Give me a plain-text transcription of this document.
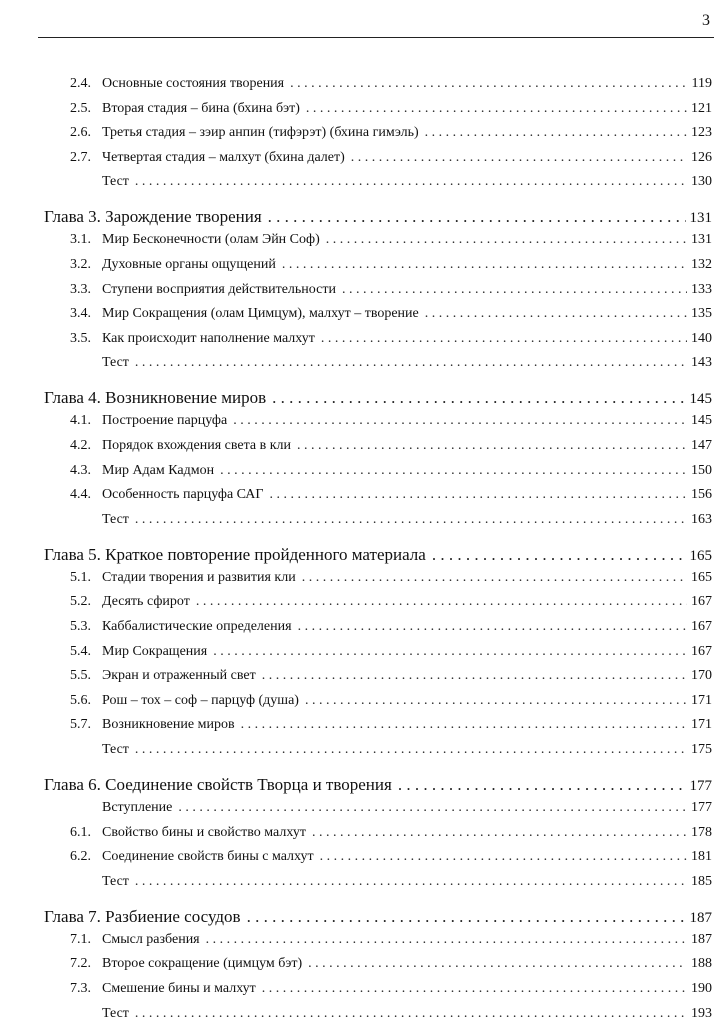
3
2.4. Основные состояния творения . . .	119
2.5. Вторая стадия – бина (бхина бэт) . . .	121
2.6. Третья стадия – зэир анпин (тифэрэт) (бхина гимэль) . . .	123
2.7. Четвертая стадия – малхут (бхина далет) . . .	126
Тест . . .	130
Глава 3. Зарождение творения . . .	131
3.1. Мир Бесконечности (олам Эйн Соф) . . .	131
3.2. Духовные органы ощущений . . .	132
3.3. Ступени восприятия действительности . . .	133
3.4. Мир Сокращения (олам Цимцум), малхут – творение . . .	135
3.5. Как происходит наполнение малхут . . .	140
Тест . . .	143
Глава 4. Возникновение миров . . .	145
4.1. Построение парцуфа . . .	145
4.2. Порядок вхождения света в кли . . .	147
4.3. Мир Адам Кадмон . . .	150
4.4. Особенность парцуфа САГ . . .	156
Тест . . .	163
Глава 5. Краткое повторение пройденного материала . . .	165
5.1. Стадии творения и развития кли . . .	165
5.2. Десять сфирот . . .	167
5.3. Каббалистические определения . . .	167
5.4. Мир Сокращения . . .	167
5.5. Экран и отраженный свет . . .	170
5.6. Рош – тох – соф – парцуф (душа) . . .	171
5.7. Возникновение миров . . .	171
Тест . . .	175
Глава 6. Соединение свойств Творца и творения . . .	177
Вступление . . .	177
6.1. Свойство бины и свойство малхут . . .	178
6.2. Соединение свойств бины с малхут . . .	181
Тест . . .	185
Глава 7. Разбиение сосудов . . .	187
7.1. Смысл разбения . . .	187
7.2. Второе сокращение (цимцум бэт) . . .	188
7.3. Смешение бины и малхут . . .	190
Тест . . .	193
